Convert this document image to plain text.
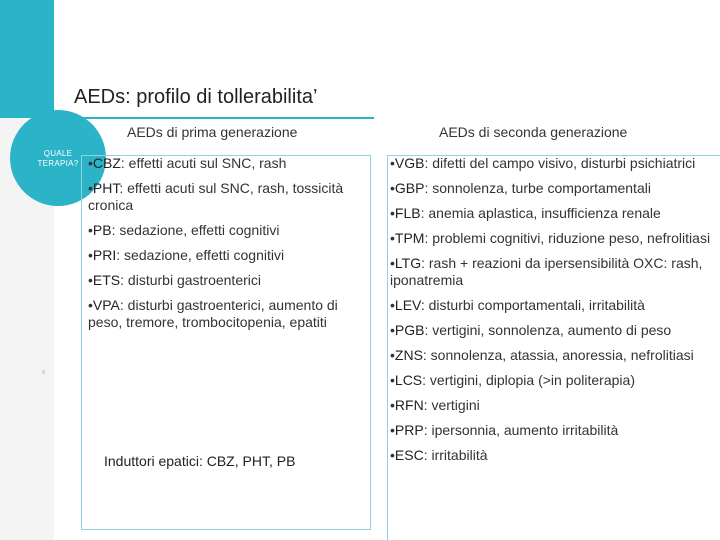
QUALE TERAPIA?
AEDs: profilo di tollerabilita’
AEDs di prima generazione	AEDs di seconda generazione
•CBZ: effetti acuti sul SNC, rash
•PHT: effetti acuti sul SNC, rash, tossicità cronica
•PB: sedazione, effetti cognitivi
•PRI: sedazione, effetti cognitivi
•ETS: disturbi gastroenterici
•VPA: disturbi gastroenterici, aumento di peso, tremore, trombocitopenia, epatiti
Induttori epatici: CBZ, PHT, PB
•VGB: difetti del campo visivo, disturbi psichiatrici
•GBP: sonnolenza, turbe comportamentali
•FLB: anemia aplastica, insufficienza renale
•TPM: problemi cognitivi, riduzione peso, nefrolitiasi
•LTG: rash + reazioni da ipersensibilità OXC: rash, iponatremia
•LEV: disturbi comportamentali, irritabilità
•PGB: vertigini, sonnolenza, aumento di peso
•ZNS: sonnolenza, atassia, anoressia, nefrolitiasi
•LCS: vertigini, diplopia (>in politerapia)
•RFN: vertigini
•PRP: ipersonnia, aumento irritabilità
•ESC: irritabilità
